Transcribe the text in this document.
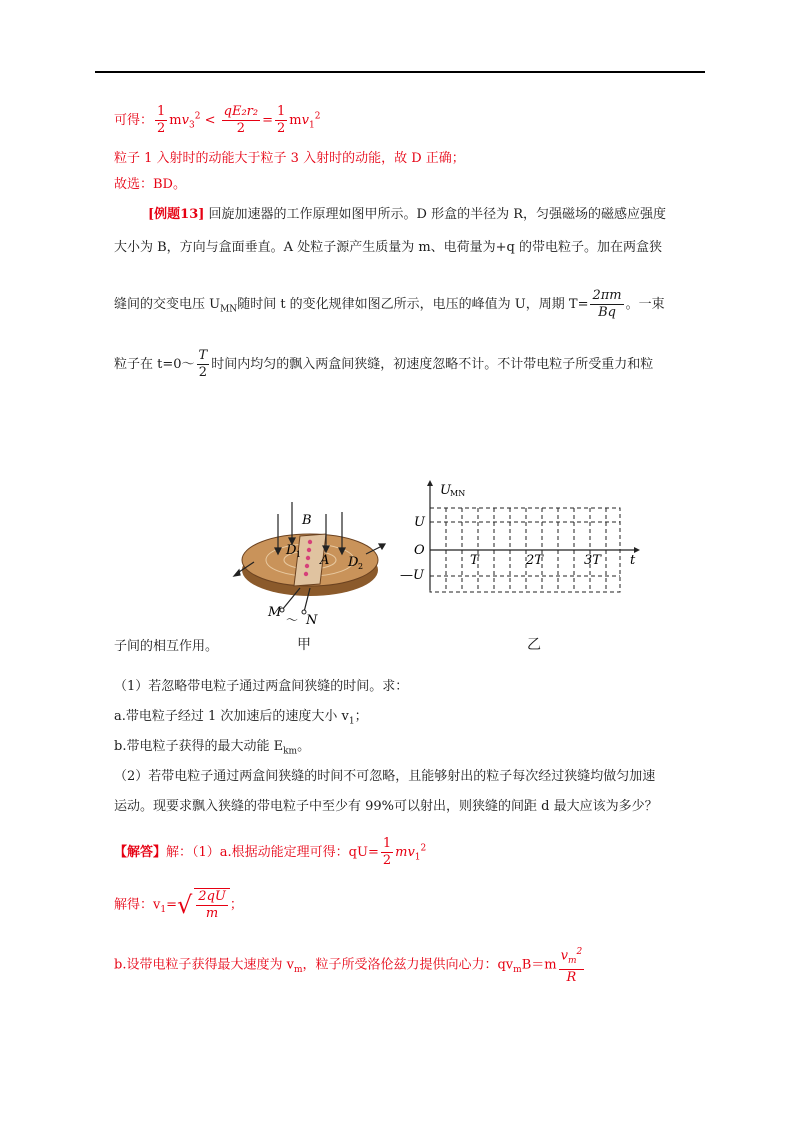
可得： $\frac{1}{2} mv_3^2 < \frac{\text{qE₂r₂}}{2} = \frac{1}{2} mv_1^2$
粒子 1 入射时的动能大于粒子 3 入射时的动能，故 D 正确；
故选：BD。
[例题13] 回旋加速器的工作原理如图甲所示。D 形盒的半径为 R，匀强磁场的磁感应强度
大小为 B，方向与盒面垂直。A 处粒子源产生质量为 m、电荷量为+q 的带电粒子。加在两盒狭
缝间的交变电压 $U_{MN}$随时间 t 的变化规律如图乙所示，电压的峰值为 U，周期 $T= \frac{2\pi m}{Bq}$ 。一束
粒子在 t=0～ $\frac{T}{2}$ 时间内均匀的飘入两盒间狭缝，初速度忽略不计。不计带电粒子所受重力和粒
B
D 1
D 2
A
M ～ N
U MN
U
O
—U
t
T	2T	3T
甲	乙
子间的相互作用。
（1）若忽略带电粒子通过两盒间狭缝的时间。求：
a.带电粒子经过 1 次加速后的速度大小 $v_1$；
b.带电粒子获得的最大动能 $E_{km}$。
（2）若带电粒子通过两盒间狭缝的时间不可忽略，且能够射出的粒子每次经过狭缝均做匀加速
运动。现要求飘入狭缝的带电粒子中至少有 99%可以射出，则狭缝的间距 d 最大应该为多少？
【解答】解：（1）a.根据动能定理可得：$qU= \frac{1}{2} mv_1^2$
解得：$v_1=√ \frac{2qU}{m}$ ；
b.设带电粒子获得最大速度为 $v_m$，粒子所受洛伦兹力提供向心力：$qv_mB=m \frac{v_m^2}{R}$
